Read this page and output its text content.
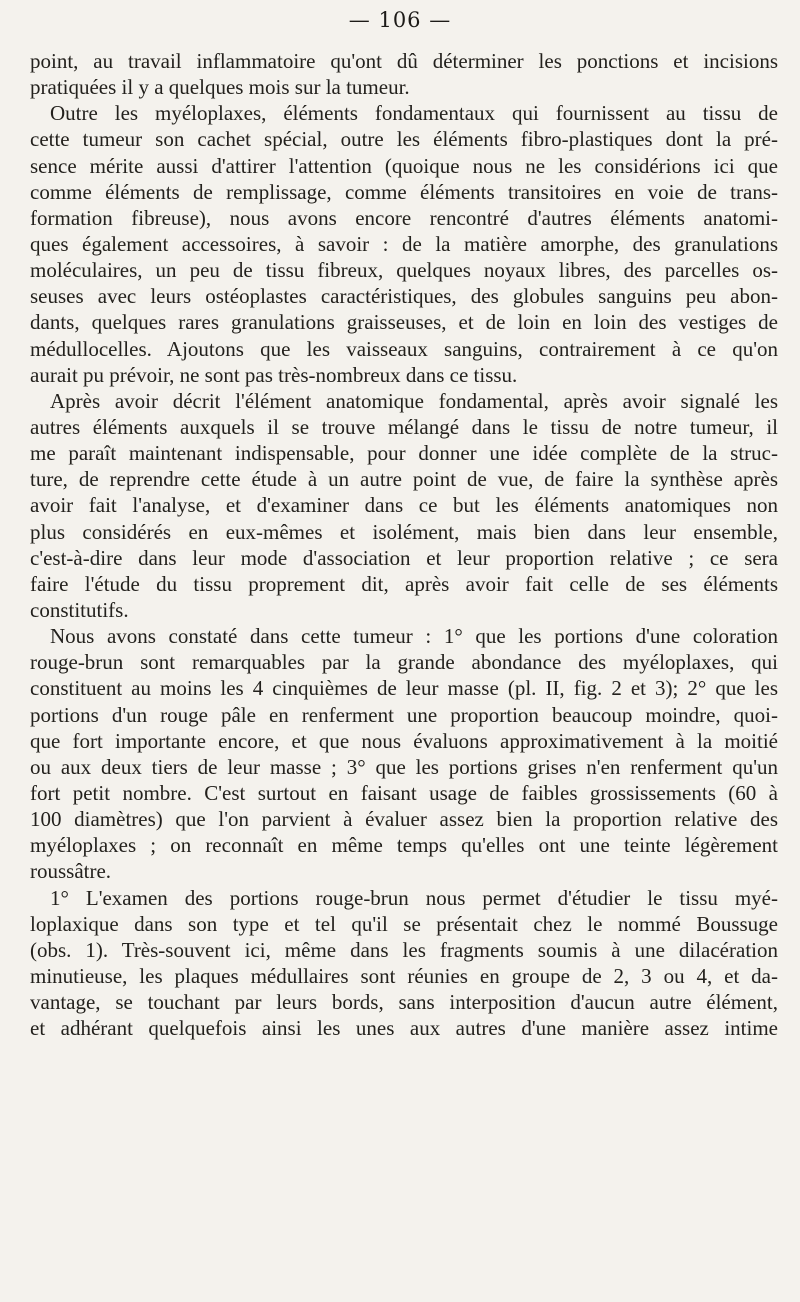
— 106 —
point, au travail inflammatoire qu'ont dû déterminer les ponctions et incisions
pratiquées il y a quelques mois sur la tumeur.
Outre les myéloplaxes, éléments fondamentaux qui fournissent au tissu de
cette tumeur son cachet spécial, outre les éléments fibro-plastiques dont la pré-
sence mérite aussi d'attirer l'attention (quoique nous ne les considérions ici que
comme éléments de remplissage, comme éléments transitoires en voie de trans-
formation fibreuse), nous avons encore rencontré d'autres éléments anatomi-
ques également accessoires, à savoir : de la matière amorphe, des granulations
moléculaires, un peu de tissu fibreux, quelques noyaux libres, des parcelles os-
seuses avec leurs ostéoplastes caractéristiques, des globules sanguins peu abon-
dants, quelques rares granulations graisseuses, et de loin en loin des vestiges de
médullocelles. Ajoutons que les vaisseaux sanguins, contrairement à ce qu'on
aurait pu prévoir, ne sont pas très-nombreux dans ce tissu.
Après avoir décrit l'élément anatomique fondamental, après avoir signalé les
autres éléments auxquels il se trouve mélangé dans le tissu de notre tumeur, il
me paraît maintenant indispensable, pour donner une idée complète de la struc-
ture, de reprendre cette étude à un autre point de vue, de faire la synthèse après
avoir fait l'analyse, et d'examiner dans ce but les éléments anatomiques non
plus considérés en eux-mêmes et isolément, mais bien dans leur ensemble,
c'est-à-dire dans leur mode d'association et leur proportion relative ; ce sera
faire l'étude du tissu proprement dit, après avoir fait celle de ses éléments
constitutifs.
Nous avons constaté dans cette tumeur : 1° que les portions d'une coloration
rouge-brun sont remarquables par la grande abondance des myéloplaxes, qui
constituent au moins les 4 cinquièmes de leur masse (pl. II, fig. 2 et 3); 2° que les
portions d'un rouge pâle en renferment une proportion beaucoup moindre, quoi-
que fort importante encore, et que nous évaluons approximativement à la moitié
ou aux deux tiers de leur masse ; 3° que les portions grises n'en renferment qu'un
fort petit nombre. C'est surtout en faisant usage de faibles grossissements (60 à
100 diamètres) que l'on parvient à évaluer assez bien la proportion relative des
myéloplaxes ; on reconnaît en même temps qu'elles ont une teinte légèrement
roussâtre.
1° L'examen des portions rouge-brun nous permet d'étudier le tissu myé-
loplaxique dans son type et tel qu'il se présentait chez le nommé Boussuge
(obs. 1). Très-souvent ici, même dans les fragments soumis à une dilacération
minutieuse, les plaques médullaires sont réunies en groupe de 2, 3 ou 4, et da-
vantage, se touchant par leurs bords, sans interposition d'aucun autre élément,
et adhérant quelquefois ainsi les unes aux autres d'une manière assez intime
